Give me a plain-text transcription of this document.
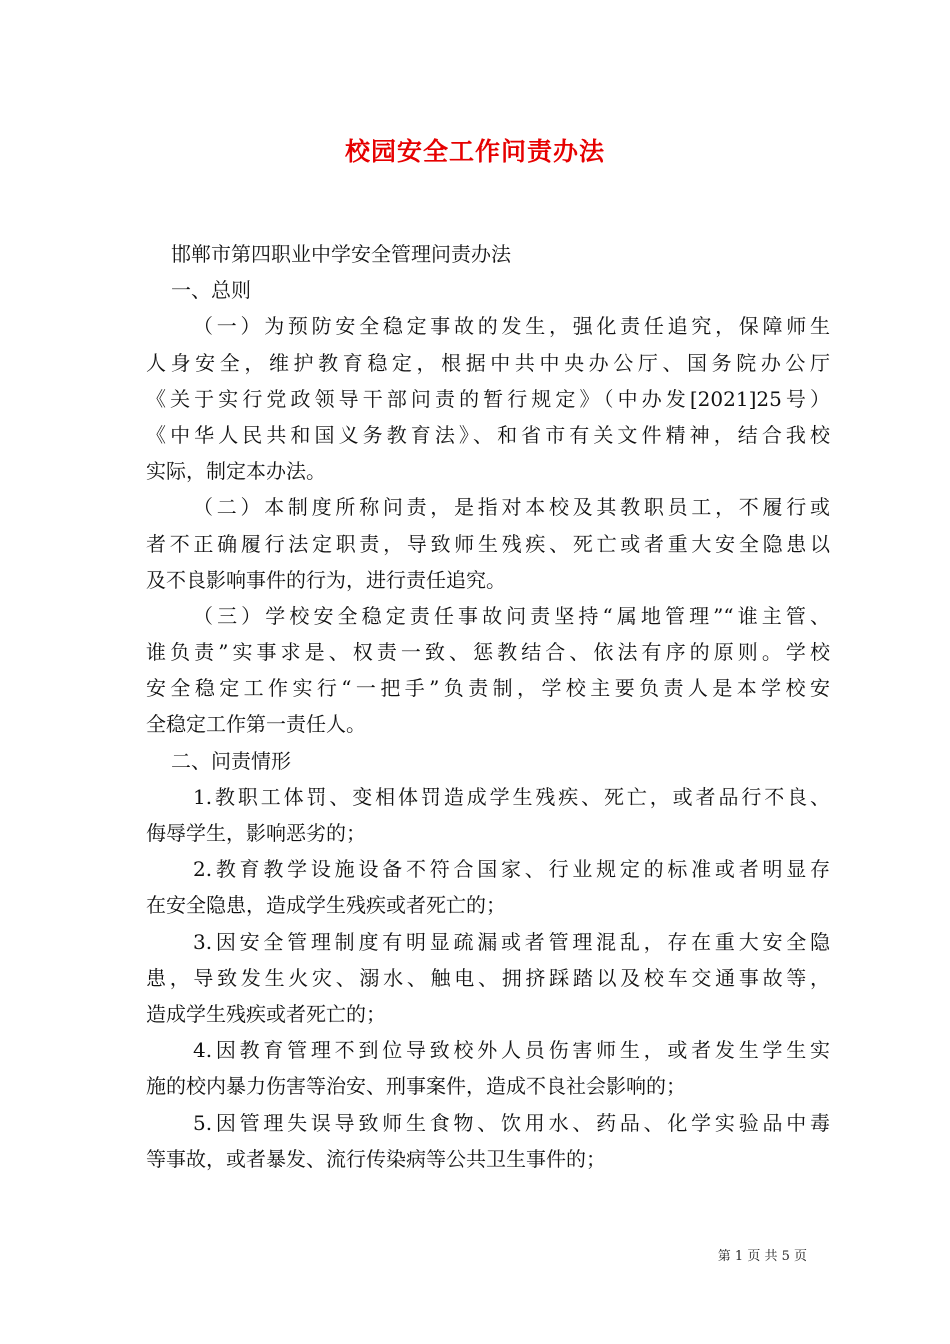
校园安全工作问责办法
邯郸市第四职业中学安全管理问责办法
一、总则
（一）为预防安全稳定事故的发生，强化责任追究，保障师生
人身安全，维护教育稳定，根据中共中央办公厅、国务院办公厅
《关于实行党政领导干部问责的暂行规定》（中办发[2021]25号）
《中华人民共和国义务教育法》、和省市有关文件精神，结合我校
实际，制定本办法。
（二）本制度所称问责，是指对本校及其教职员工，不履行或
者不正确履行法定职责，导致师生残疾、死亡或者重大安全隐患以
及不良影响事件的行为，进行责任追究。
（三）学校安全稳定责任事故问责坚持“属地管理”“谁主管、
谁负责”实事求是、权责一致、惩教结合、依法有序的原则。学校
安全稳定工作实行“一把手”负责制，学校主要负责人是本学校安
全稳定工作第一责任人。
二、问责情形
1.教职工体罚、变相体罚造成学生残疾、死亡，或者品行不良、
侮辱学生，影响恶劣的；
2.教育教学设施设备不符合国家、行业规定的标准或者明显存
在安全隐患，造成学生残疾或者死亡的；
3.因安全管理制度有明显疏漏或者管理混乱，存在重大安全隐
患，导致发生火灾、溺水、触电、拥挤踩踏以及校车交通事故等，
造成学生残疾或者死亡的；
4.因教育管理不到位导致校外人员伤害师生，或者发生学生实
施的校内暴力伤害等治安、刑事案件，造成不良社会影响的；
5.因管理失误导致师生食物、饮用水、药品、化学实验品中毒
等事故，或者暴发、流行传染病等公共卫生事件的；
第 1 页 共 5 页
